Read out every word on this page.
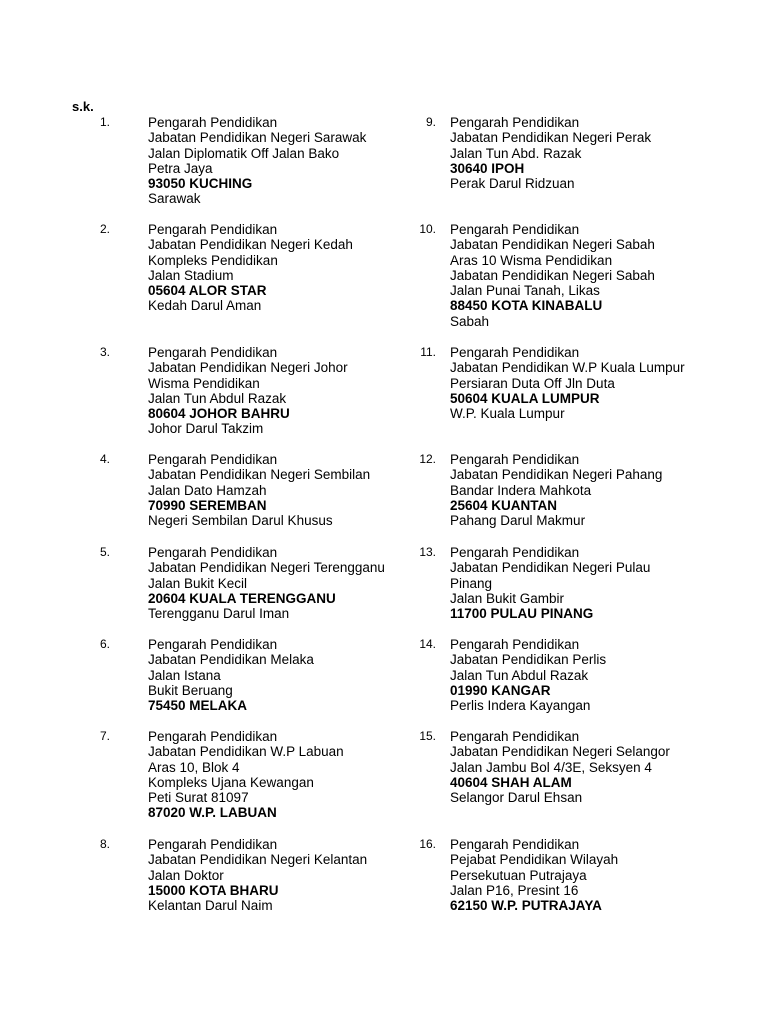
s.k.
1.	Pengarah Pendidikan
Jabatan Pendidikan Negeri Sarawak
Jalan Diplomatik Off Jalan Bako
Petra Jaya
93050 KUCHING
Sarawak
2.	Pengarah Pendidikan
Jabatan Pendidikan Negeri Kedah
Kompleks Pendidikan
Jalan Stadium
05604 ALOR STAR
Kedah Darul Aman
3.	Pengarah Pendidikan
Jabatan Pendidikan Negeri Johor
Wisma Pendidikan
Jalan Tun Abdul Razak
80604 JOHOR BAHRU
Johor Darul Takzim
4.	Pengarah Pendidikan
Jabatan Pendidikan Negeri Sembilan
Jalan Dato Hamzah
70990 SEREMBAN
Negeri Sembilan Darul Khusus
5.	Pengarah Pendidikan
Jabatan Pendidikan Negeri Terengganu
Jalan Bukit Kecil
20604 KUALA TERENGGANU
Terengganu Darul Iman
6.	Pengarah Pendidikan
Jabatan Pendidikan Melaka
Jalan Istana
Bukit Beruang
75450 MELAKA
7.	Pengarah Pendidikan
Jabatan Pendidikan W.P Labuan
Aras 10, Blok 4
Kompleks Ujana Kewangan
Peti Surat 81097
87020 W.P. LABUAN
8.	Pengarah Pendidikan
Jabatan Pendidikan Negeri Kelantan
Jalan Doktor
15000 KOTA BHARU
Kelantan Darul Naim
9. Pengarah Pendidikan
Jabatan Pendidikan Negeri Perak
Jalan Tun Abd. Razak
30640 IPOH
Perak Darul Ridzuan
10. Pengarah Pendidikan
Jabatan Pendidikan Negeri Sabah
Aras 10 Wisma Pendidikan
Jabatan Pendidikan Negeri Sabah
Jalan Punai Tanah, Likas
88450 KOTA KINABALU
Sabah
11. Pengarah Pendidikan
Jabatan Pendidikan W.P Kuala Lumpur
Persiaran Duta Off Jln Duta
50604 KUALA LUMPUR
W.P. Kuala Lumpur
12. Pengarah Pendidikan
Jabatan Pendidikan Negeri Pahang
Bandar Indera Mahkota
25604 KUANTAN
Pahang Darul Makmur
13. Pengarah Pendidikan
Jabatan Pendidikan Negeri Pulau
Pinang
Jalan Bukit Gambir
11700 PULAU PINANG
14. Pengarah Pendidikan
Jabatan Pendidikan Perlis
Jalan Tun Abdul Razak
01990 KANGAR
Perlis Indera Kayangan
15. Pengarah Pendidikan
Jabatan Pendidikan Negeri Selangor
Jalan Jambu Bol 4/3E, Seksyen 4
40604 SHAH ALAM
Selangor Darul Ehsan
16. Pengarah Pendidikan
Pejabat Pendidikan Wilayah
Persekutuan Putrajaya
Jalan P16, Presint 16
62150 W.P. PUTRAJAYA
